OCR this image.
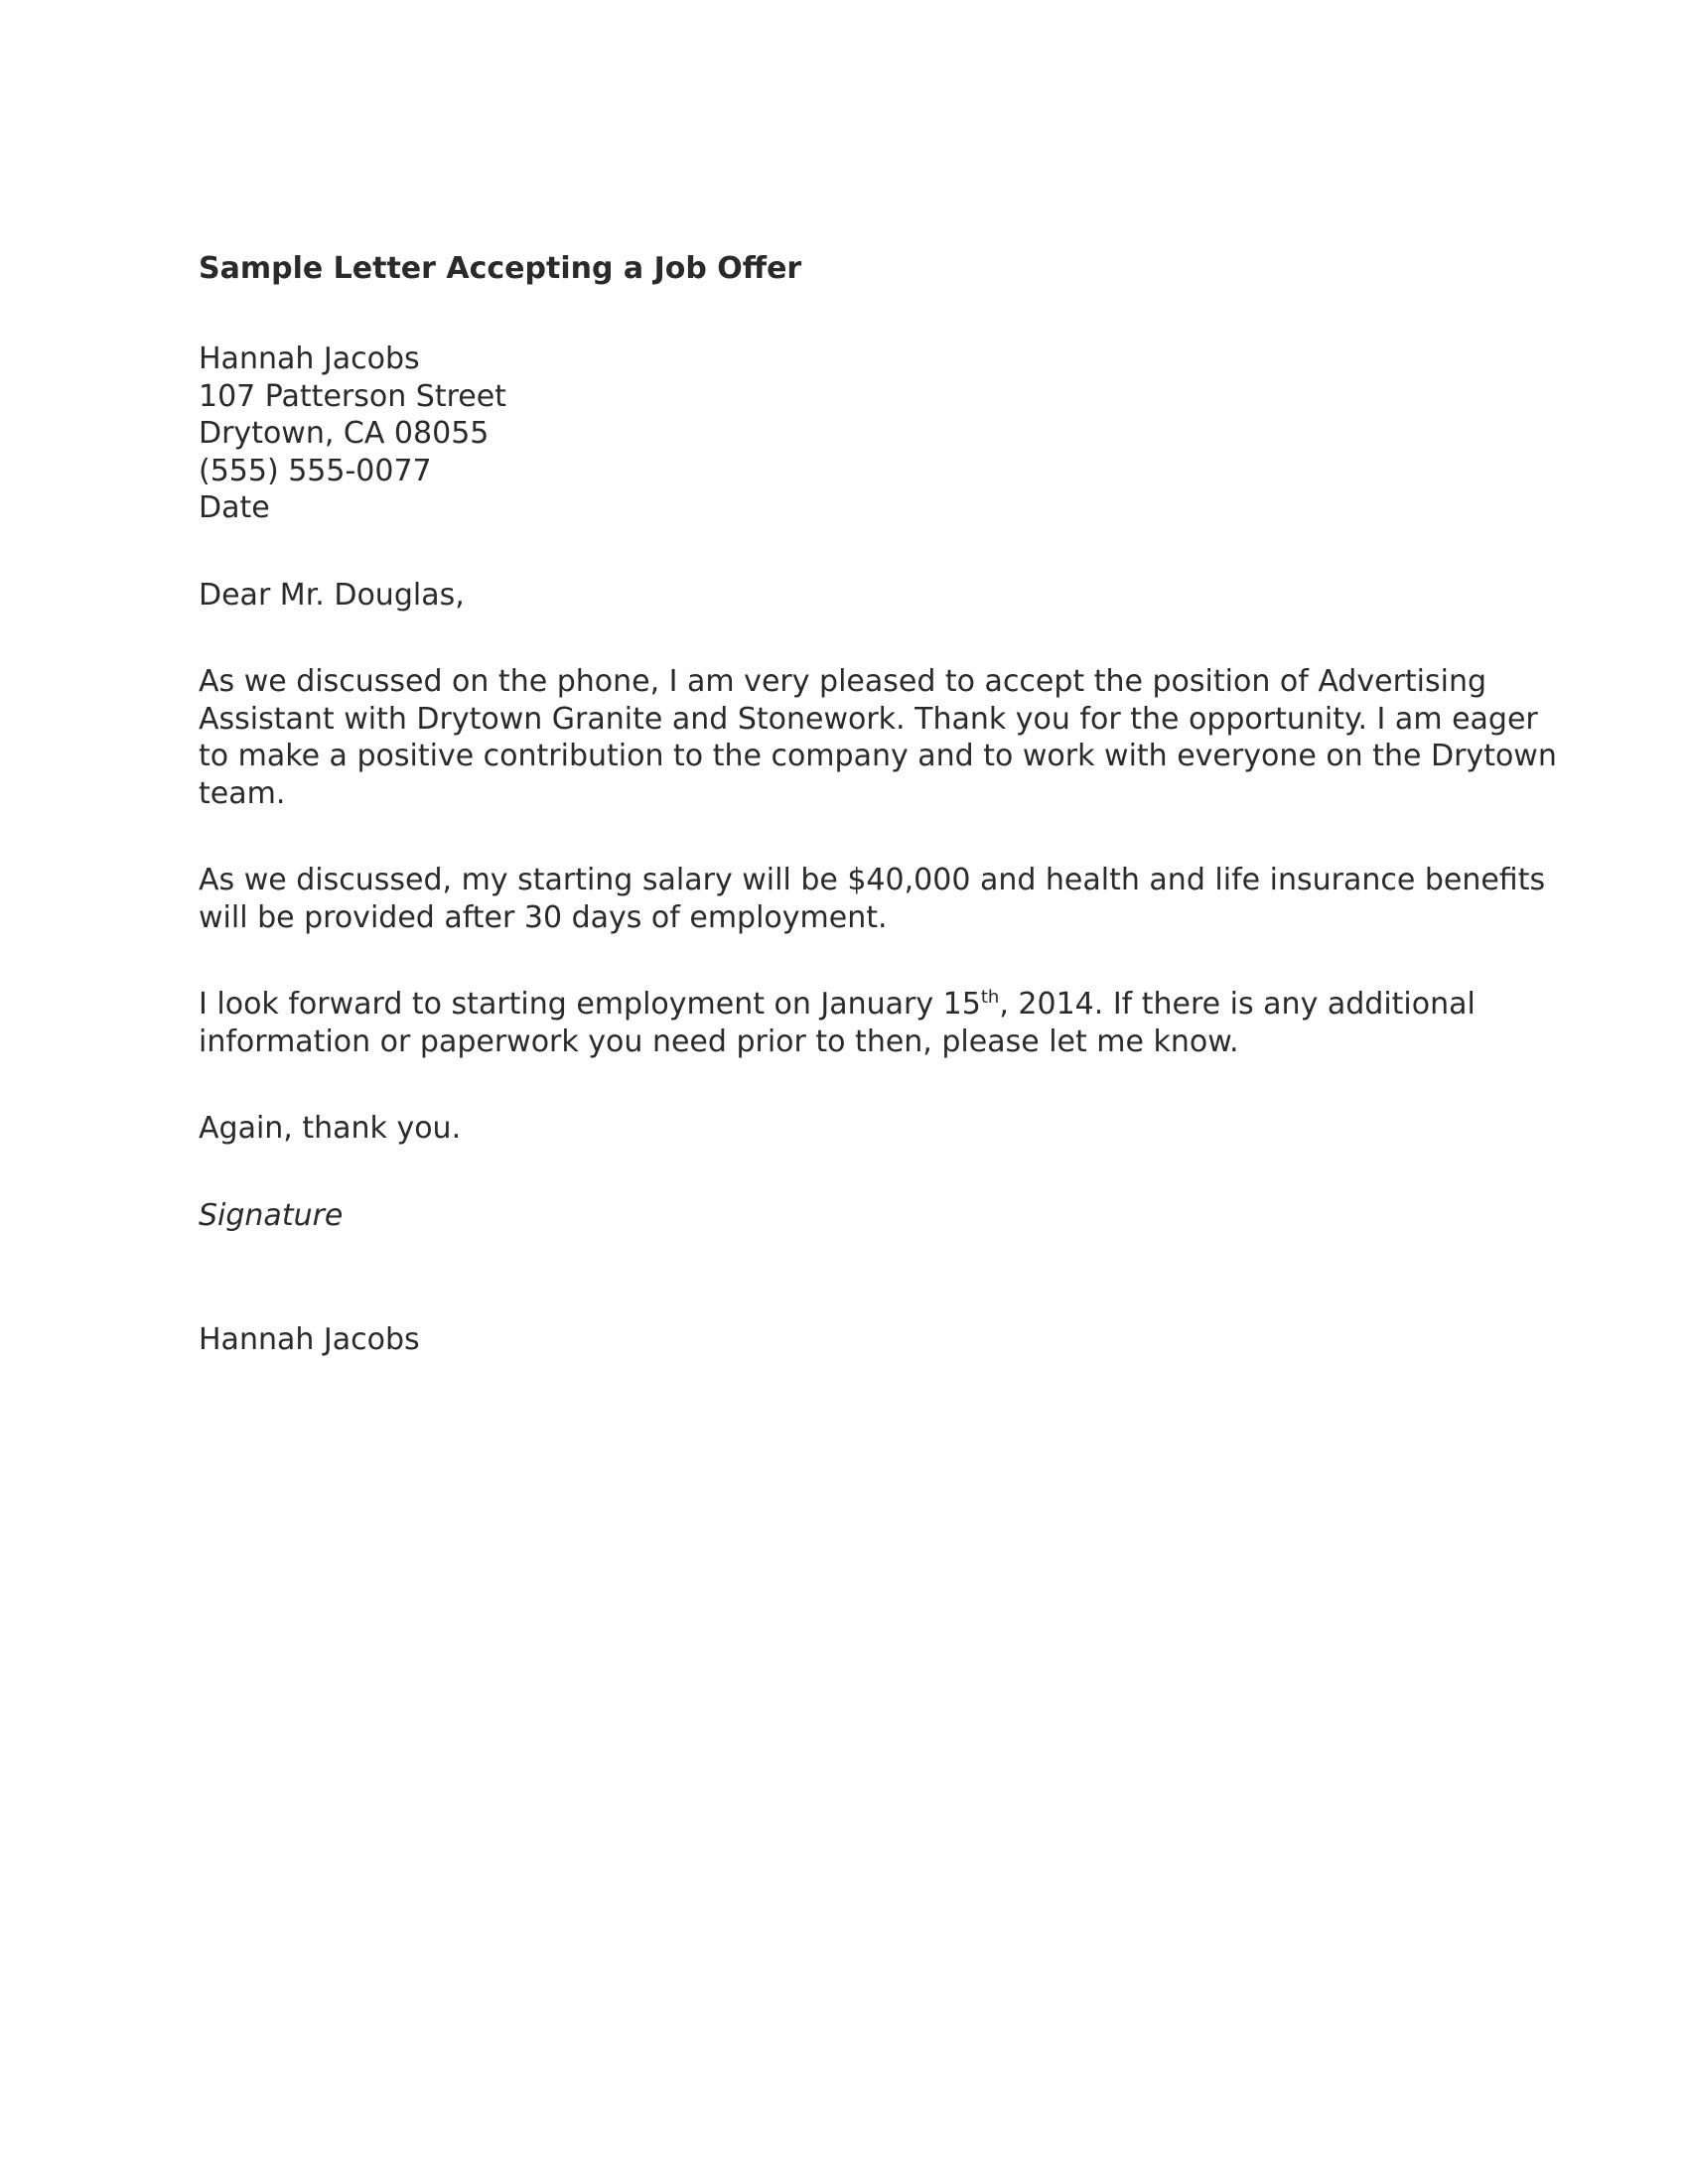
Sample Letter Accepting a Job Offer
Hannah Jacobs
107 Patterson Street
Drytown, CA 08055
(555) 555-0077
Date

Dear Mr. Douglas,

As we discussed on the phone, I am very pleased to accept the position of Advertising
Assistant with Drytown Granite and Stonework. Thank you for the opportunity. I am eager
to make a positive contribution to the company and to work with everyone on the Drytown
team.

As we discussed, my starting salary will be $40,000 and health and life insurance benefits
will be provided after 30 days of employment.

I look forward to starting employment on January 15th, 2014. If there is any additional
information or paperwork you need prior to then, please let me know.

Again, thank you.

Signature

Hannah Jacobs
